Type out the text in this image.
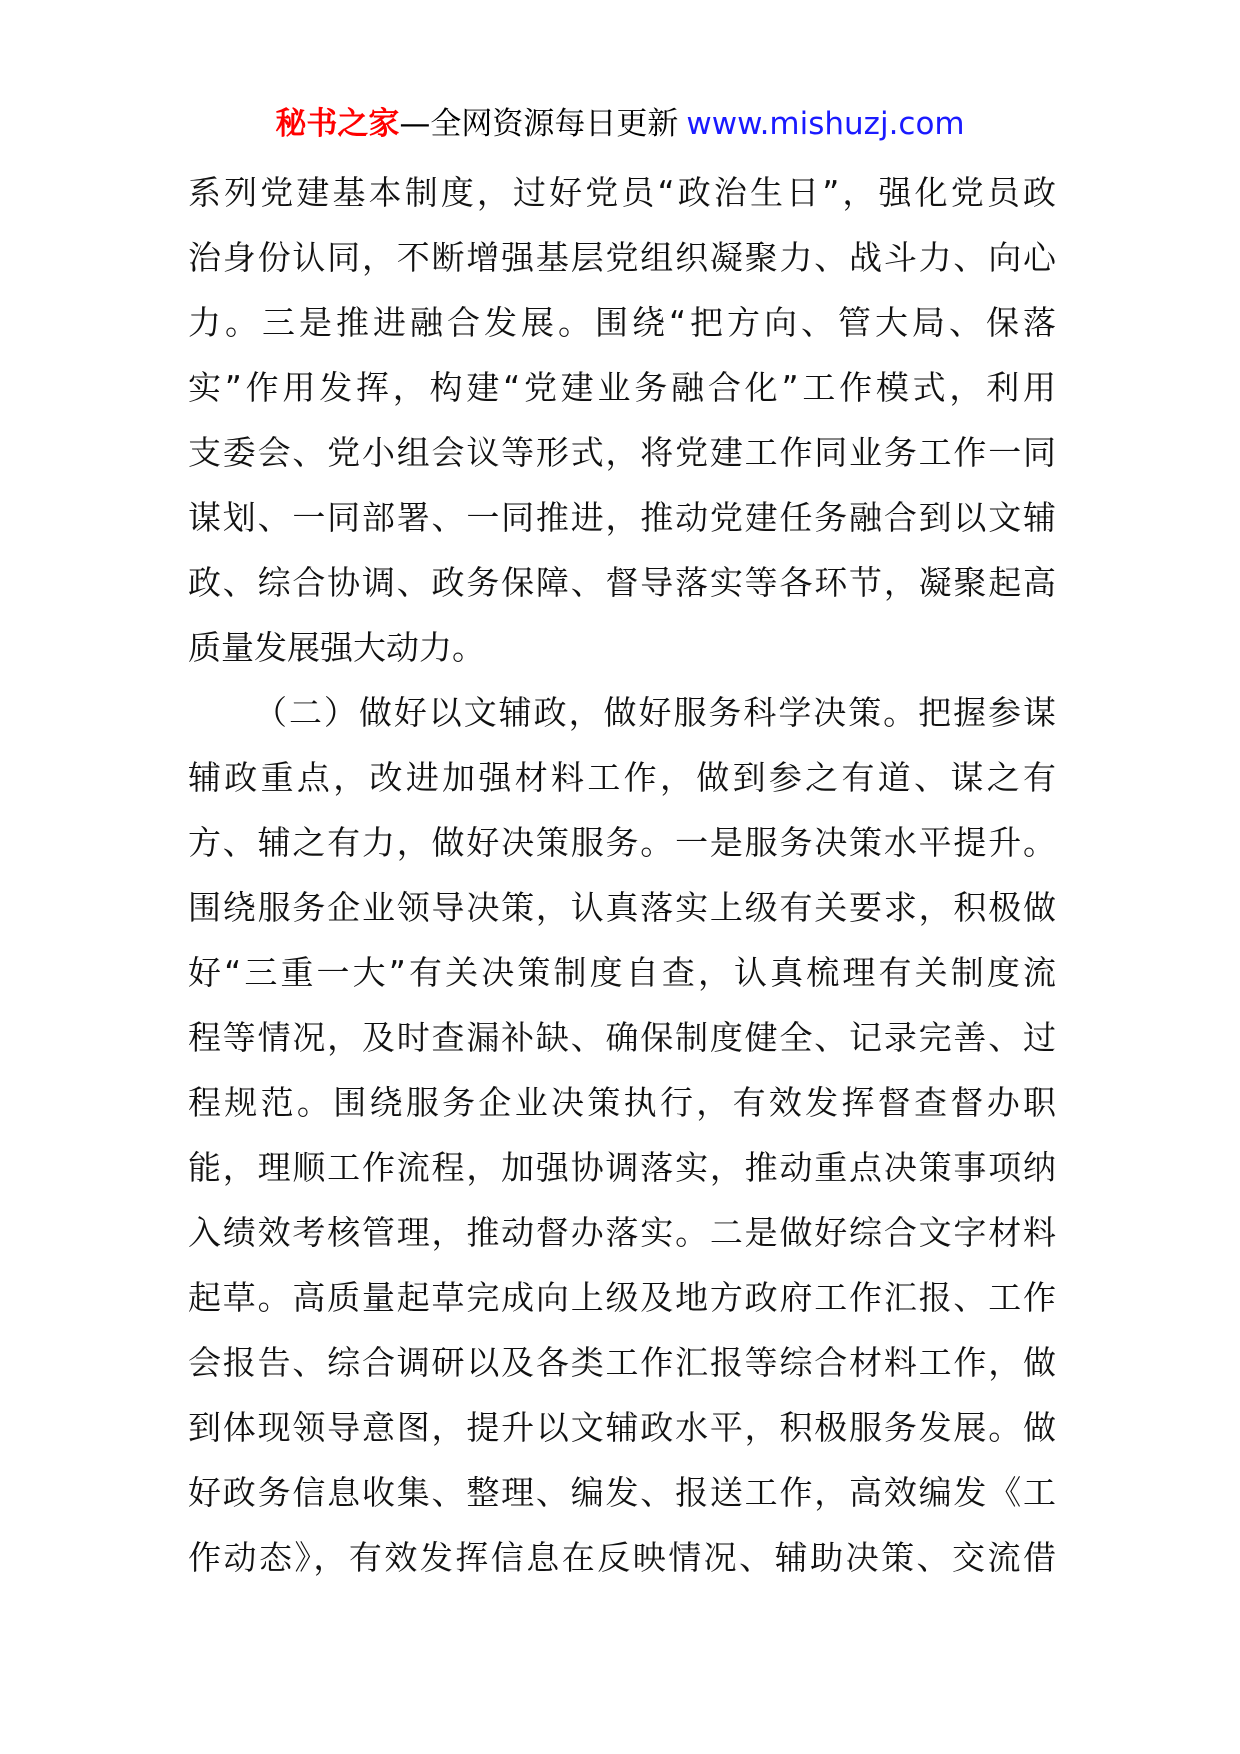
秘书之家—全网资源每日更新 www.mishuzj.com
系列党建基本制度，过好党员“政治生日”，强化党员政
治身份认同，不断增强基层党组织凝聚力、战斗力、向心
力。三是推进融合发展。围绕“把方向、管大局、保落
实”作用发挥，构建“党建业务融合化”工作模式，利用
支委会、党小组会议等形式，将党建工作同业务工作一同
谋划、一同部署、一同推进，推动党建任务融合到以文辅
政、综合协调、政务保障、督导落实等各环节，凝聚起高
质量发展强大动力。
（二）做好以文辅政，做好服务科学决策。把握参谋
辅政重点，改进加强材料工作，做到参之有道、谋之有
方、辅之有力，做好决策服务。一是服务决策水平提升。
围绕服务企业领导决策，认真落实上级有关要求，积极做
好“三重一大”有关决策制度自查，认真梳理有关制度流
程等情况，及时查漏补缺、确保制度健全、记录完善、过
程规范。围绕服务企业决策执行，有效发挥督查督办职
能，理顺工作流程，加强协调落实，推动重点决策事项纳
入绩效考核管理，推动督办落实。二是做好综合文字材料
起草。高质量起草完成向上级及地方政府工作汇报、工作
会报告、综合调研以及各类工作汇报等综合材料工作，做
到体现领导意图，提升以文辅政水平，积极服务发展。做
好政务信息收集、整理、编发、报送工作，高效编发《工
作动态》，有效发挥信息在反映情况、辅助决策、交流借
